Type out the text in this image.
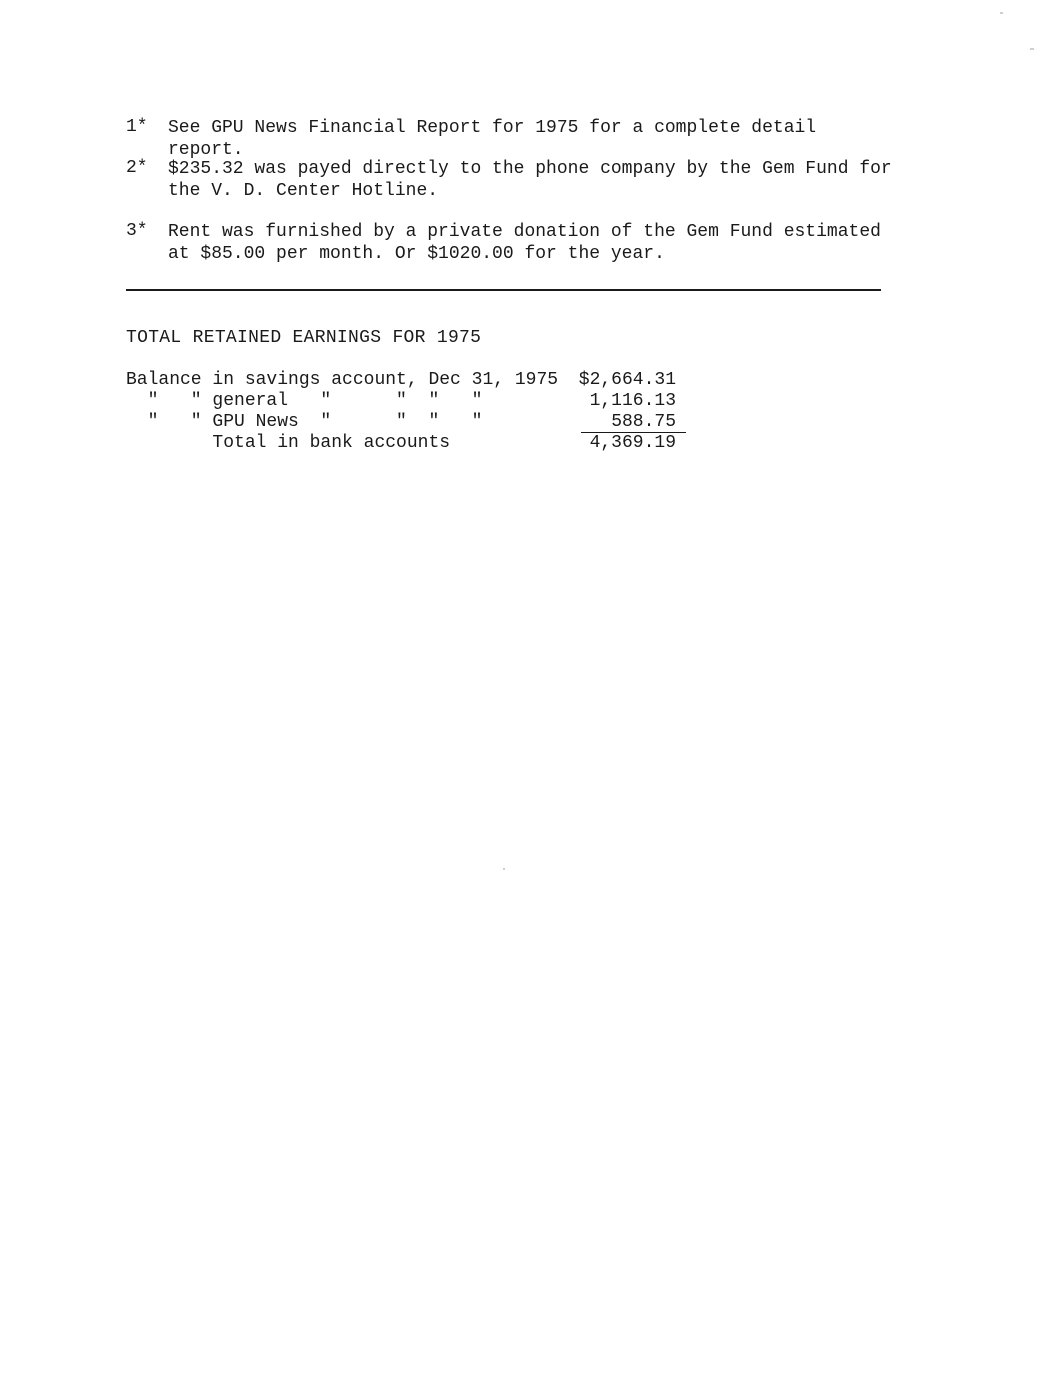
1*	See GPU News Financial Report for 1975 for a complete detail report.
2*	$235.32 was payed directly to the phone company by the Gem Fund for
the V. D. Center Hotline.
3*	Rent was furnished by a private donation of the Gem Fund estimated
at $85.00 per month. Or $1020.00 for the year.
TOTAL RETAINED EARNINGS FOR 1975
Balance in savings account, Dec 31, 1975 $2,664.31
"   " general   "      "  "   "	1,116.13
"   " GPU News  "      "  "   "	588.75
Total in bank accounts	4,369.19
